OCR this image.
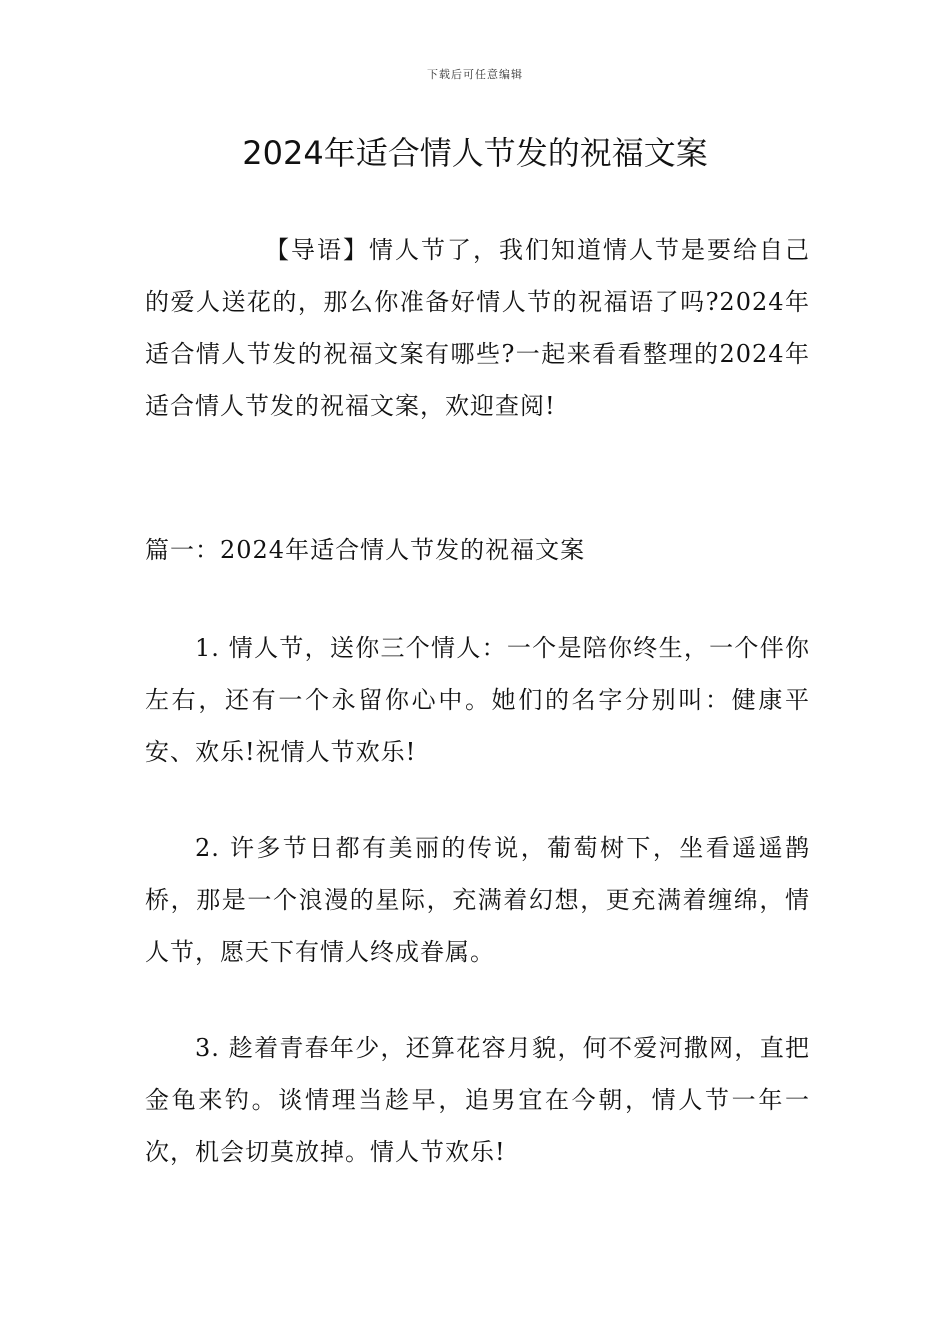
下载后可任意编辑
2024年适合情人节发的祝福文案

【导语】情人节了，我们知道情人节是要给自己的爱人送花的，那么你准备好情人节的祝福语了吗?2024年适合情人节发的祝福文案有哪些?一起来看看整理的2024年适合情人节发的祝福文案，欢迎查阅!

篇一：2024年适合情人节发的祝福文案

1. 情人节，送你三个情人：一个是陪你终生，一个伴你左右，还有一个永留你心中。她们的名字分别叫：健康平安、欢乐!祝情人节欢乐!

2. 许多节日都有美丽的传说，葡萄树下，坐看遥遥鹊桥，那是一个浪漫的星际，充满着幻想，更充满着缠绵，情人节，愿天下有情人终成眷属。

3. 趁着青春年少，还算花容月貌，何不爱河撒网，直把金龟来钓。谈情理当趁早，追男宜在今朝，情人节一年一次，机会切莫放掉。情人节欢乐!
